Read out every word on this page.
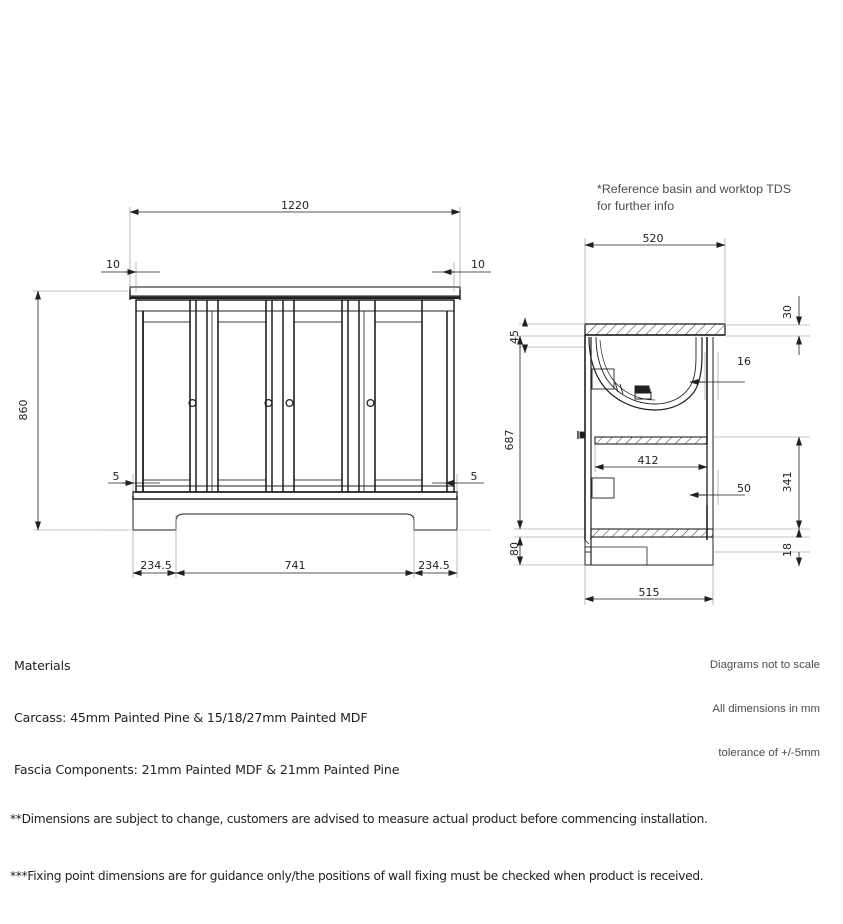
1220
10	10
860
5	5
234.5	741	234.5
520
30
45
16
687
412
50	341
80	18
515
*Reference basin and worktop TDS
for further info

Materials

Carcass: 45mm Painted Pine & 15/18/27mm Painted MDF

Fascia Components: 21mm Painted MDF & 21mm Painted Pine

Diagrams not to scale

All dimensions in mm

tolerance of +/-5mm

**Dimensions are subject to change, customers are advised to measure actual product before commencing installation.

***Fixing point dimensions are for guidance only/the positions of wall fixing must be checked when product is received.
